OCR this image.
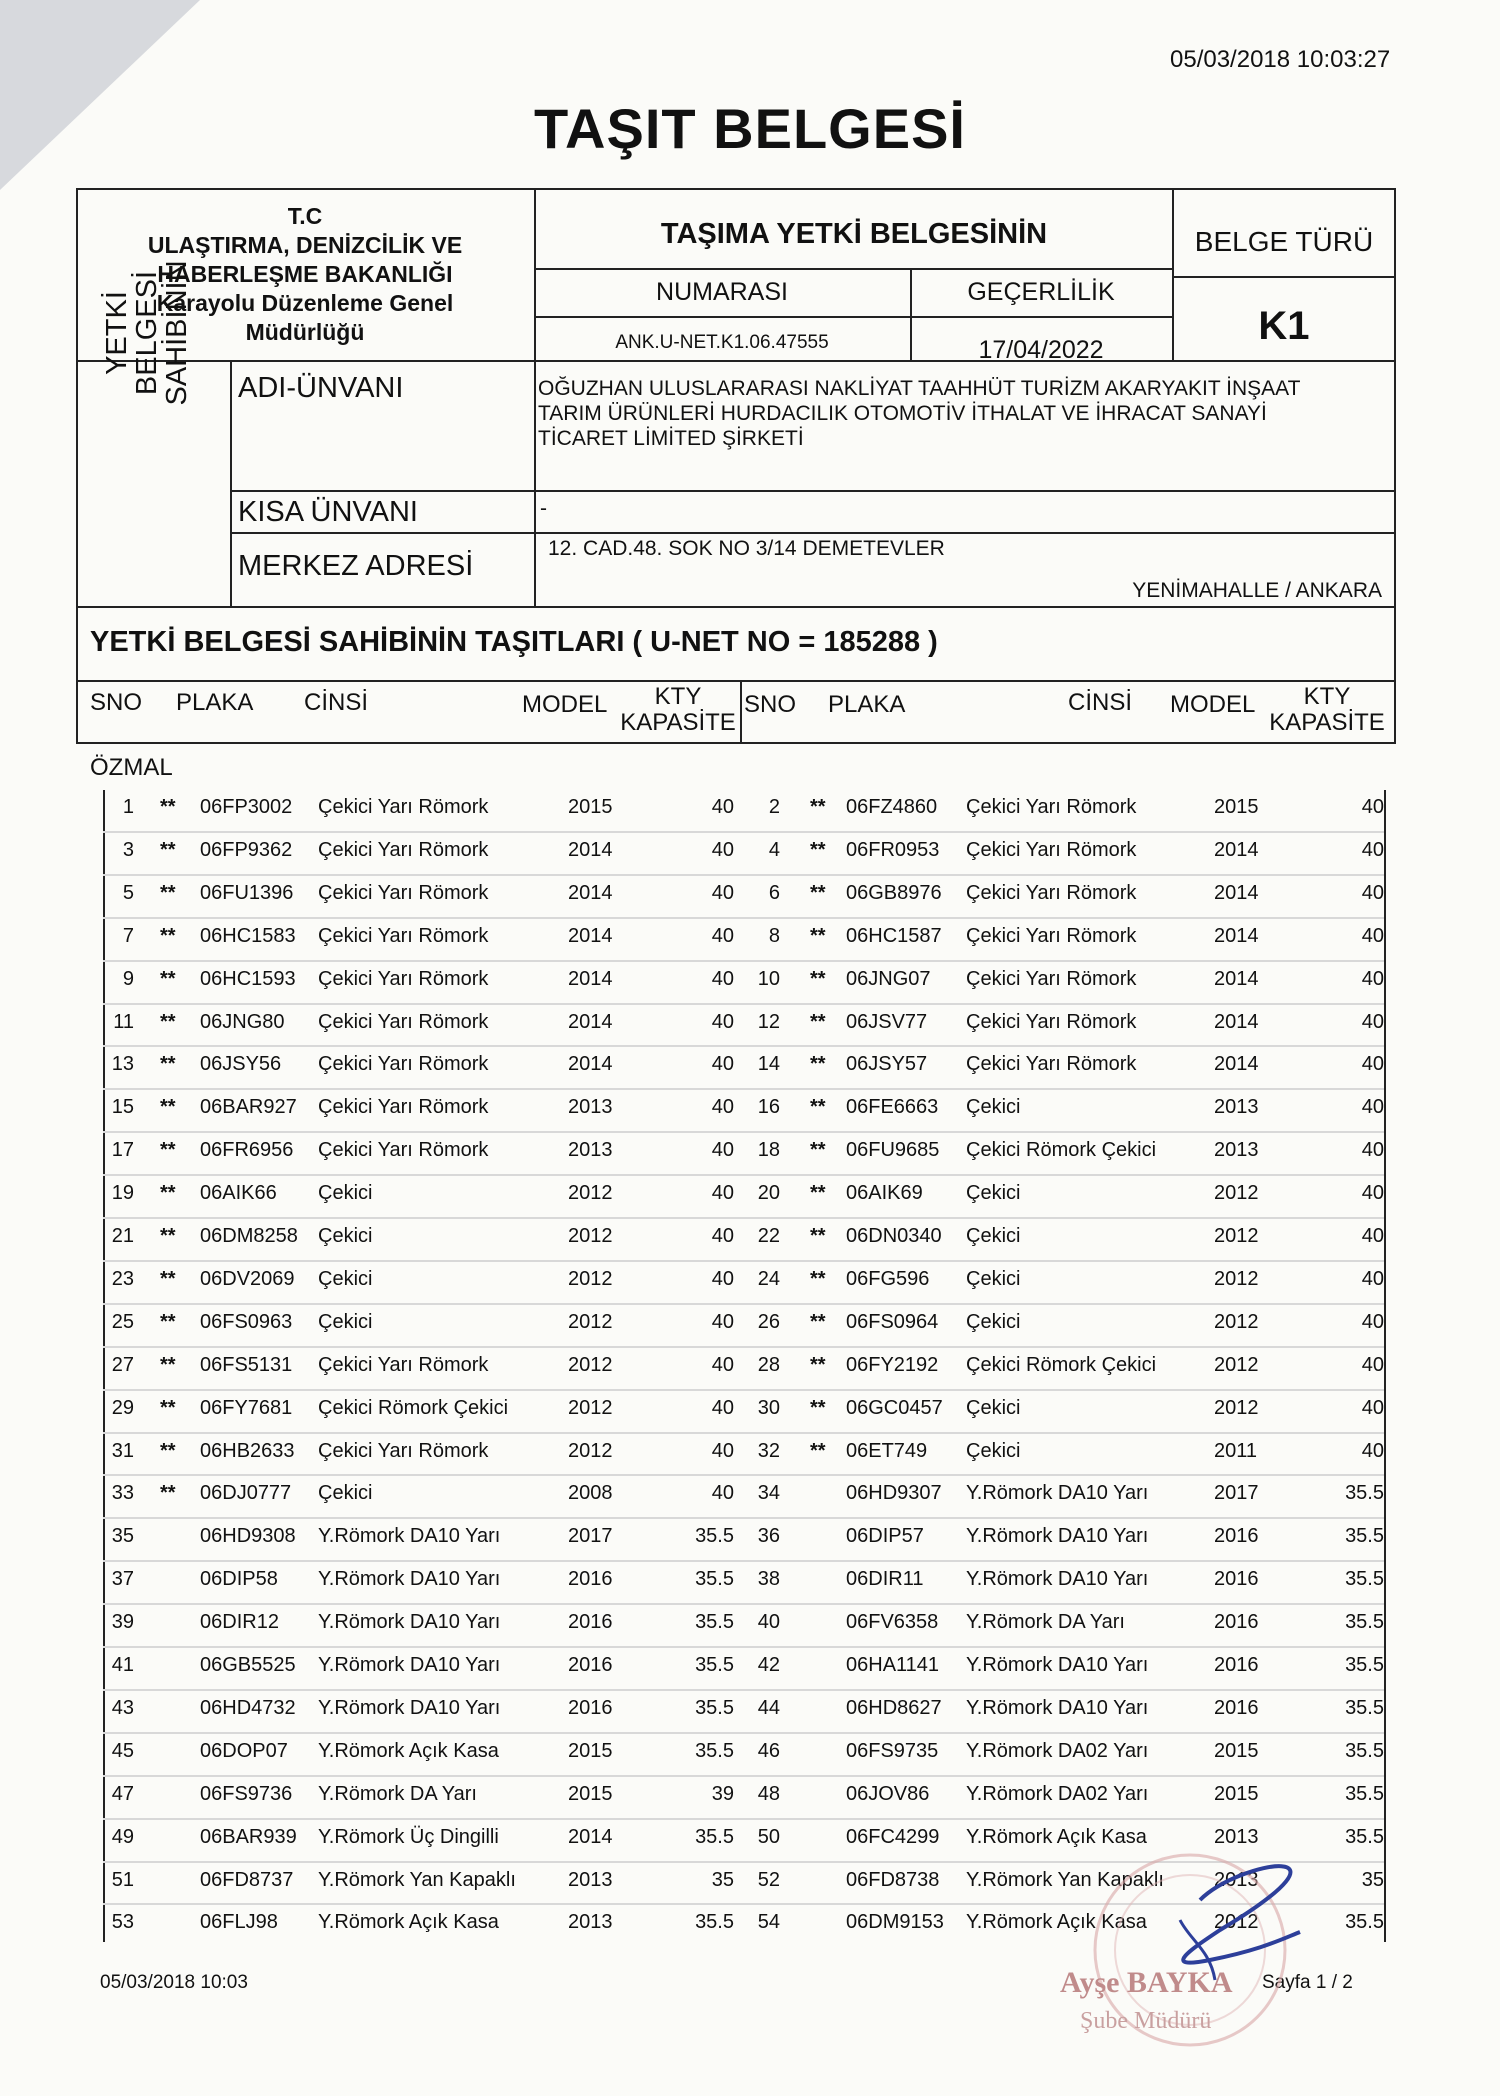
05/03/2018 10:03:27
TAŞIT BELGESİ
T.C
ULAŞTIRMA, DENİZCİLİK VE
HABERLEŞME BAKANLIĞI
Karayolu Düzenleme Genel
Müdürlüğü
TAŞIMA YETKİ BELGESİNİN
NUMARASI	GEÇERLİLİK
ANK.U-NET.K1.06.47555	17/04/2022
BELGE TÜRÜ
K1
YETKİ
BELGESİ
SAHİBİNİN ADI-ÜNVANI	OĞUZHAN ULUSLARARASI NAKLİYAT TAAHHÜT TURİZM AKARYAKIT İNŞAAT
TARIM ÜRÜNLERİ HURDACILIK OTOMOTİV İTHALAT VE İHRACAT SANAYİ
TİCARET LİMİTED ŞİRKETİ
KISA ÜNVANI	-
MERKEZ ADRESİ
12. CAD.48. SOK NO 3/14 DEMETEVLER
YENİMAHALLE / ANKARA
YETKİ BELGESİ SAHİBİNİN TAŞITLARI ( U-NET NO = 185288 )
SNO PLAKA CİNSİ	MODEL	KTY
KAPASİTE
SNO PLAKA	CİNSİ MODEL	KTY
KAPASİTE
ÖZMAL
1 **	06FP3002 Çekici Yarı Römork	2015	40	2 **	06FZ4860 Çekici Yarı Römork	2015	40
3 **	06FP9362 Çekici Yarı Römork	2014	40	4 **	06FR0953 Çekici Yarı Römork	2014	40
5 **	06FU1396 Çekici Yarı Römork	2014	40	6 **	06GB8976 Çekici Yarı Römork	2014	40
7 **	06HC1583 Çekici Yarı Römork	2014	40	8 **	06HC1587 Çekici Yarı Römork	2014	40
9 **	06HC1593 Çekici Yarı Römork	2014	40 10 **	06JNG07 Çekici Yarı Römork	2014	40
11 **	06JNG80 Çekici Yarı Römork	2014	40 12 **	06JSV77 Çekici Yarı Römork	2014	40
13 **	06JSY56 Çekici Yarı Römork	2014	40 14 **	06JSY57 Çekici Yarı Römork	2014	40
15 **	06BAR927 Çekici Yarı Römork	2013	40 16 **	06FE6663 Çekici	2013	40
17 **	06FR6956 Çekici Yarı Römork	2013	40 18 **	06FU9685 Çekici Römork Çekici	2013	40
19 **	06AIK66 Çekici	2012	40 20 **	06AIK69 Çekici	2012	40
21 **	06DM8258 Çekici	2012	40 22 **	06DN0340 Çekici	2012	40
23 **	06DV2069 Çekici	2012	40 24 **	06FG596 Çekici	2012	40
25 **	06FS0963 Çekici	2012	40 26 **	06FS0964 Çekici	2012	40
27 **	06FS5131 Çekici Yarı Römork	2012	40 28 **	06FY2192 Çekici Römork Çekici	2012	40
29 **	06FY7681 Çekici Römork Çekici	2012	40 30 **	06GC0457 Çekici	2012	40
31 **	06HB2633 Çekici Yarı Römork	2012	40 32 **	06ET749 Çekici	2011	40
33 **	06DJ0777 Çekici	2008	40 34	06HD9307 Y.Römork DA10 Yarı	2017	35.5
35	06HD9308 Y.Römork DA10 Yarı	2017	35.5 36	06DIP57 Y.Römork DA10 Yarı	2016	35.5
37	06DIP58 Y.Römork DA10 Yarı	2016	35.5 38	06DIR11 Y.Römork DA10 Yarı	2016	35.5
39	06DIR12 Y.Römork DA10 Yarı	2016	35.5 40	06FV6358 Y.Römork DA Yarı	2016	35.5
41	06GB5525 Y.Römork DA10 Yarı	2016	35.5 42	06HA1141 Y.Römork DA10 Yarı	2016	35.5
43	06HD4732 Y.Römork DA10 Yarı	2016	35.5 44	06HD8627 Y.Römork DA10 Yarı	2016	35.5
45	06DOP07 Y.Römork Açık Kasa	2015	35.5 46	06FS9735 Y.Römork DA02 Yarı	2015	35.5
47	06FS9736 Y.Römork DA Yarı	2015	39 48	06JOV86 Y.Römork DA02 Yarı	2015	35.5
49	06BAR939 Y.Römork Üç Dingilli	2014	35.5 50	06FC4299 Y.Römork Açık Kasa	2013	35.5
51	06FD8737 Y.Römork Yan Kapaklı	2013	35 52	06FD8738 Y.Römork Yan Kapaklı	2013	35
53	06FLJ98 Y.Römork Açık Kasa	2013	35.5 54	06DM9153 Y.Römork Açık Kasa	2012	35.5
05/03/2018 10:03	Sayfa 1 / 2
Ayşe BAYKA
Şube Müdürü
